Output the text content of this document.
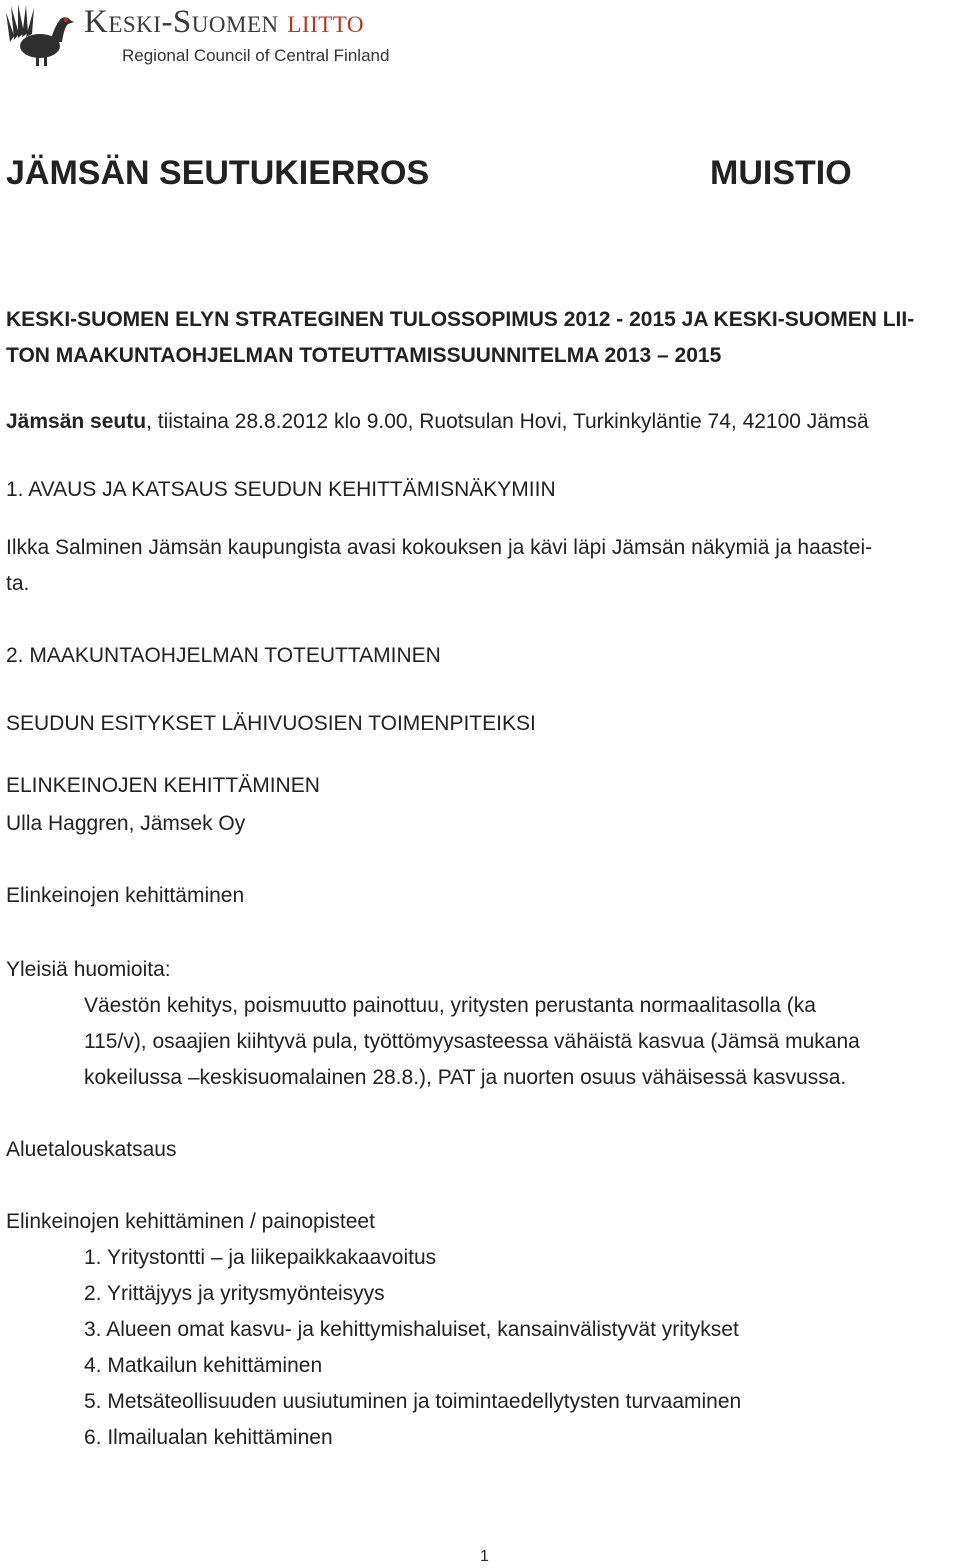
Keski-Suomen liitto
Regional Council of Central Finland
JÄMSÄN SEUTUKIERROS	MUISTIO
KESKI-SUOMEN ELYN STRATEGINEN TULOSSOPIMUS 2012 - 2015 JA KESKI-SUOMEN LII-
TON MAAKUNTAOHJELMAN TOTEUTTAMISSUUNNITELMA 2013 – 2015
Jämsän seutu, tiistaina 28.8.2012 klo 9.00, Ruotsulan Hovi, Turkinkyläntie 74, 42100 Jämsä
1. AVAUS JA KATSAUS SEUDUN KEHITTÄMISNÄKYMIIN
Ilkka Salminen Jämsän kaupungista avasi kokouksen ja kävi läpi Jämsän näkymiä ja haastei-
ta.
2. MAAKUNTAOHJELMAN TOTEUTTAMINEN
SEUDUN ESITYKSET LÄHIVUOSIEN TOIMENPITEIKSI
ELINKEINOJEN KEHITTÄMINEN
Ulla Haggren, Jämsek Oy
Elinkeinojen kehittäminen
Yleisiä huomioita:
Väestön kehitys, poismuutto painottuu, yritysten perustanta normaalitasolla (ka
115/v), osaajien kiihtyvä pula, työttömyysasteessa vähäistä kasvua (Jämsä mukana
kokeilussa –keskisuomalainen 28.8.), PAT ja nuorten osuus vähäisessä kasvussa.
Aluetalouskatsaus
Elinkeinojen kehittäminen / painopisteet
1. Yritystontti – ja liikepaikkakaavoitus
2. Yrittäjyys ja yritysmyönteisyys
3. Alueen omat kasvu- ja kehittymishaluiset, kansainvälistyvät yritykset
4. Matkailun kehittäminen
5. Metsäteollisuuden uusiutuminen ja toimintaedellytysten turvaaminen
6. Ilmailualan kehittäminen
1
